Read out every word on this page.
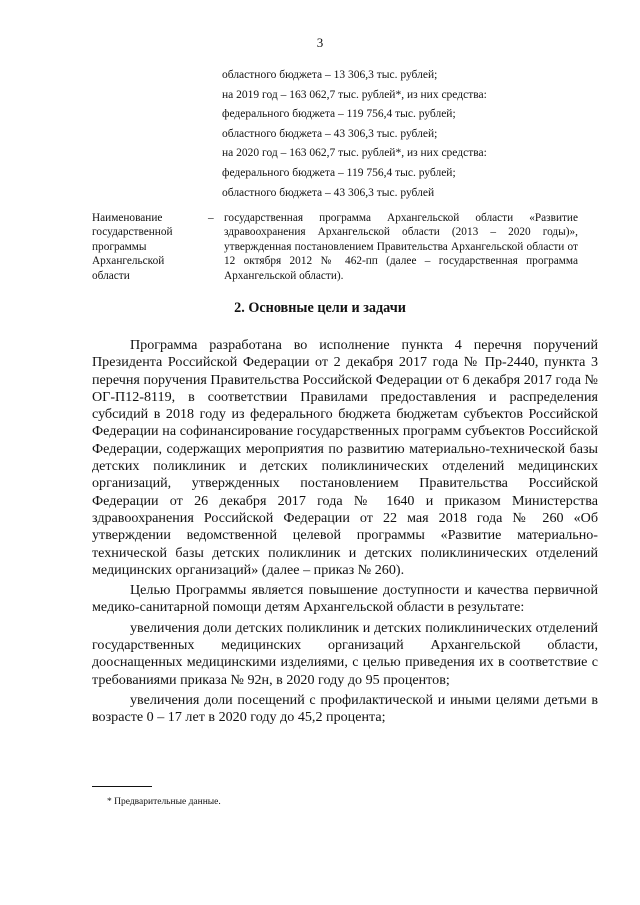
3
областного бюджета – 13 306,3 тыс. рублей;
на 2019 год – 163 062,7 тыс. рублей*, из них средства:
федерального бюджета – 119 756,4 тыс. рублей;
областного бюджета – 43 306,3 тыс. рублей;
на 2020 год – 163 062,7 тыс. рублей*, из них средства:
федерального бюджета – 119 756,4 тыс. рублей;
областного бюджета – 43 306,3 тыс. рублей
Наименование
государственной
программы
Архангельской
области
– государственная программа Архангельской области «Развитие здравоохранения Архангельской области (2013 – 2020 годы)», утвержденная постановлением Правительства Архангельской области от 12 октября 2012 № 462-пп (далее – государственная программа Архангельской области).
2. Основные цели и задачи

Программа разработана во исполнение пункта 4 перечня поручений Президента Российской Федерации от 2 декабря 2017 года № Пр-2440, пункта 3 перечня поручения Правительства Российской Федерации от 6 декабря 2017 года № ОГ-П12-8119, в соответствии Правилами предоставления и распределения субсидий в 2018 году из федерального бюджета бюджетам субъектов Российской Федерации на софинансирование государственных программ субъектов Российской Федерации, содержащих мероприятия по развитию материально-технической базы детских поликлиник и детских поликлинических отделений медицинских организаций, утвержденных постановлением Правительства Российской Федерации от 26 декабря 2017 года № 1640 и приказом Министерства здравоохранения Российской Федерации от 22 мая 2018 года № 260 «Об утверждении ведомственной целевой программы «Развитие материально-технической базы детских поликлиник и детских поликлинических отделений медицинских организаций» (далее – приказ № 260).

Целью Программы является повышение доступности и качества первичной медико-санитарной помощи детям Архангельской области в результате:

увеличения доли детских поликлиник и детских поликлинических отделений государственных медицинских организаций Архангельской области, дооснащенных медицинскими изделиями, с целью приведения их в соответствие с требованиями приказа № 92н, в 2020 году до 95 процентов;

увеличения доли посещений с профилактической и иными целями детьми в возрасте 0 – 17 лет в 2020 году до 45,2 процента;

* Предварительные данные.
